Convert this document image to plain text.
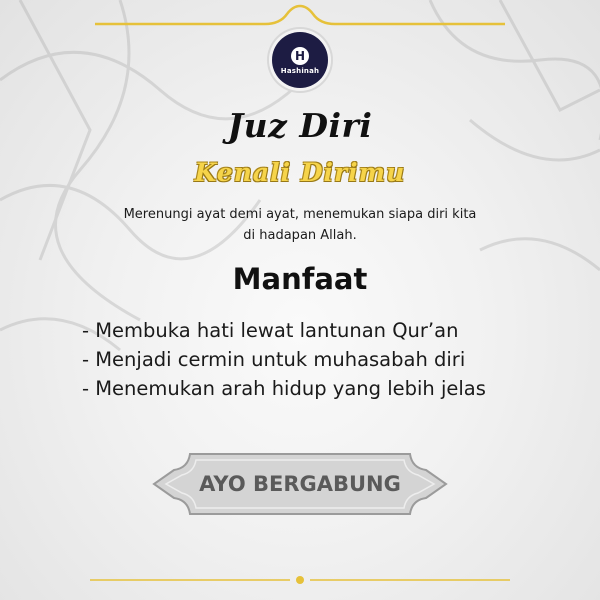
H
Hashinah
Juz Diri
Kenali Dirimu
Merenungi ayat demi ayat, menemukan siapa diri kita
di hadapan Allah.
Manfaat
- Membuka hati lewat lantunan Qur’an
- Menjadi cermin untuk muhasabah diri
- Menemukan arah hidup yang lebih jelas
AYO BERGABUNG
